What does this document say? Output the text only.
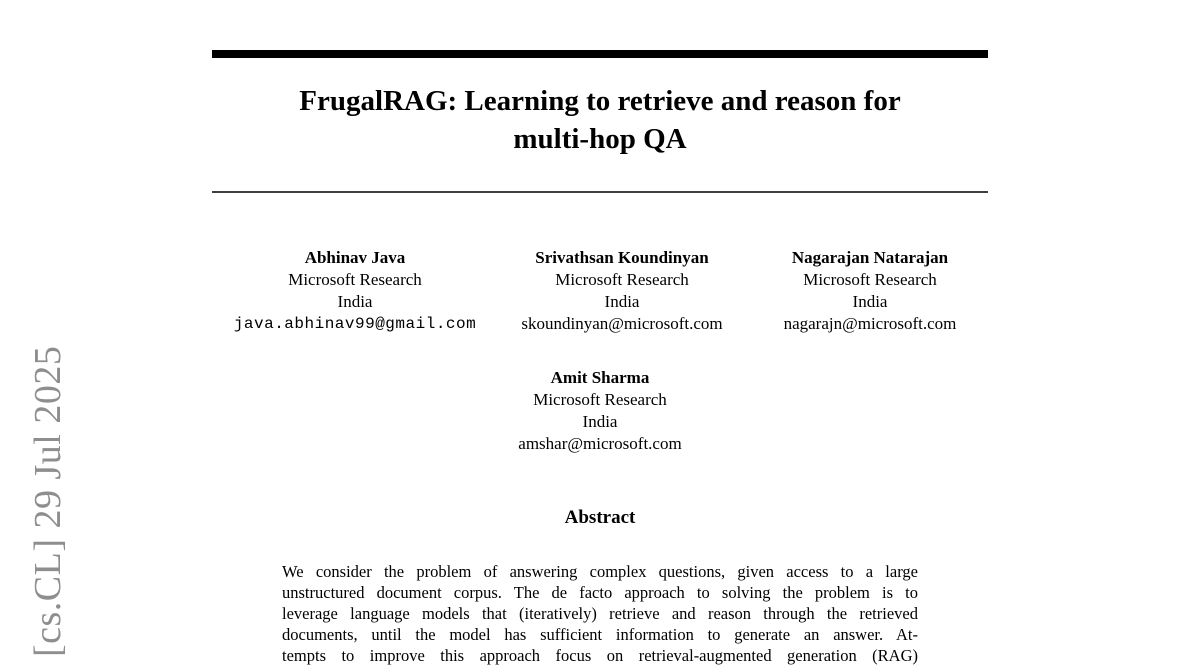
[cs.CL] 29 Jul 2025
FrugalRAG: Learning to retrieve and reason for
multi-hop QA
Abhinav Java
Microsoft Research
India
java.abhinav99@gmail.com
Srivathsan Koundinyan
Microsoft Research
India
skoundinyan@microsoft.com
Nagarajan Natarajan
Microsoft Research
India
nagarajn@microsoft.com
Amit Sharma
Microsoft Research
India
amshar@microsoft.com
Abstract
We consider the problem of answering complex questions, given access to a large
unstructured document corpus. The de facto approach to solving the problem is to
leverage language models that (iteratively) retrieve and reason through the retrieved
documents, until the model has sufficient information to generate an answer. At-
tempts to improve this approach focus on retrieval-augmented generation (RAG)
